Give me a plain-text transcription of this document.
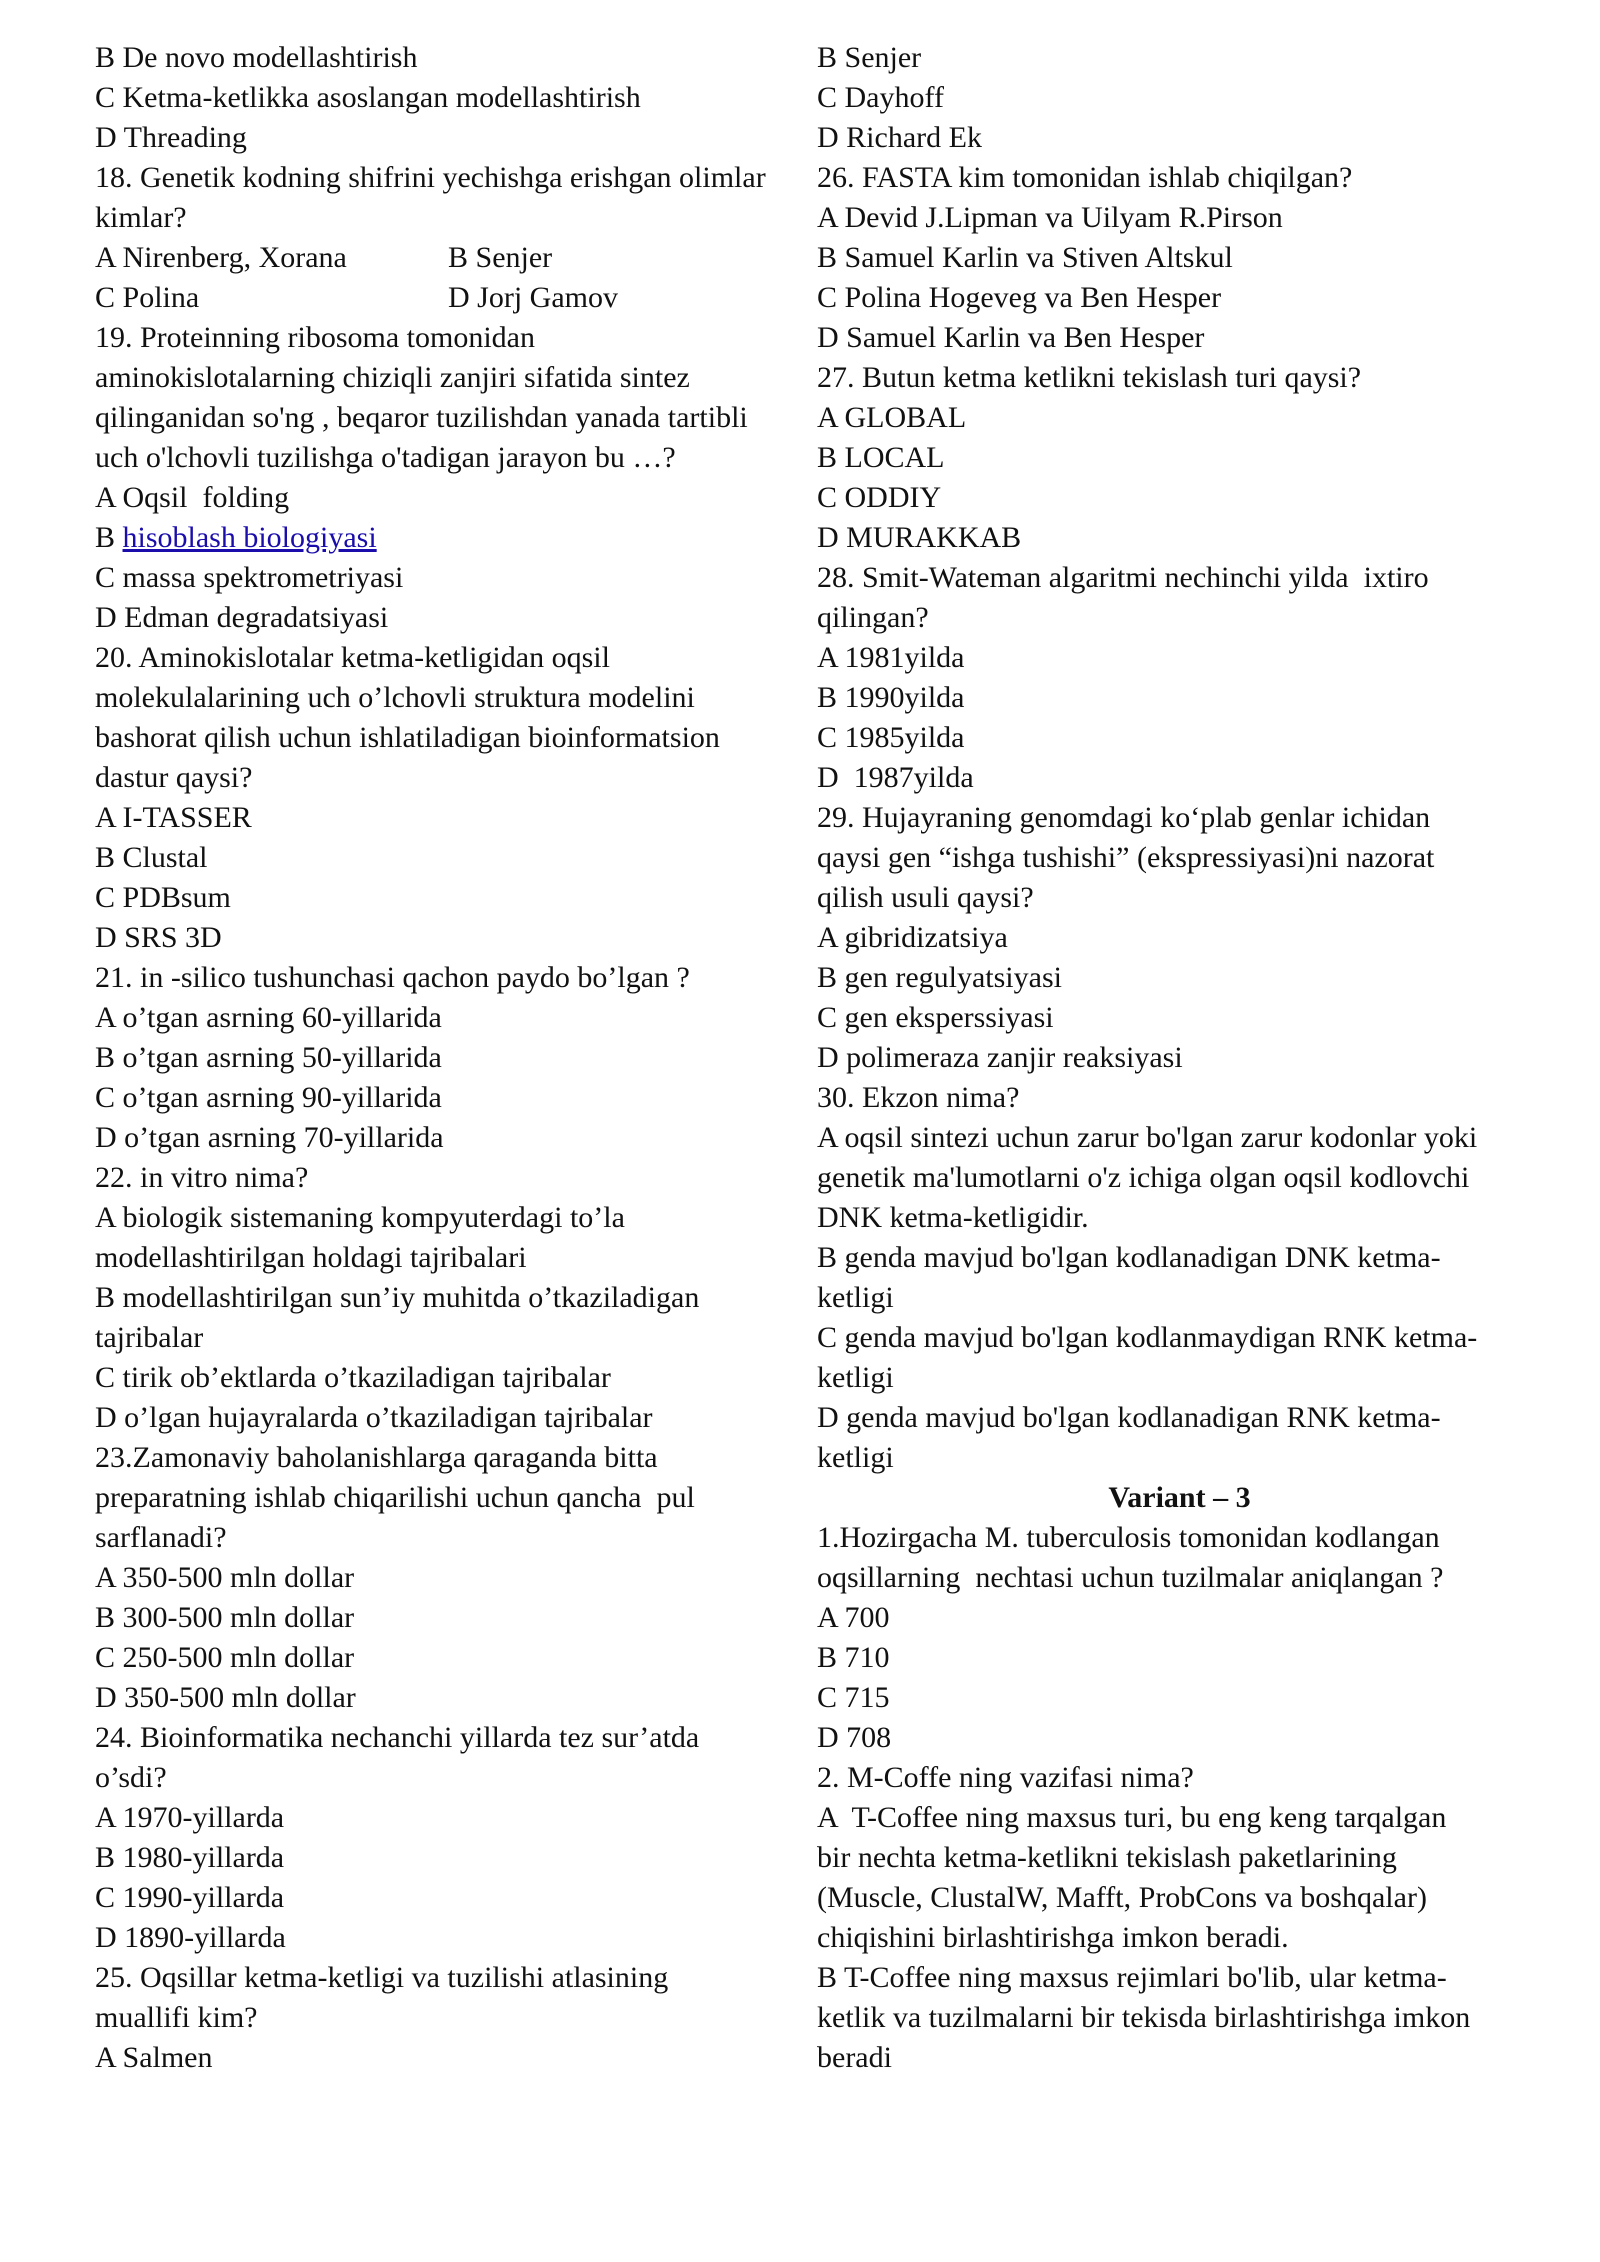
B De novo modellashtirish
C Ketma-ketlikka asoslangan modellashtirish
D Threading
18. Genetik kodning shifrini yechishga erishgan olimlar
kimlar?
A Nirenberg, Xorana	B Senjer
C Polina	D Jorj Gamov
19. Proteinning ribosoma tomonidan
aminokislotalarning chiziqli zanjiri sifatida sintez
qilinganidan so'ng , beqaror tuzilishdan yanada tartibli
uch o'lchovli tuzilishga o'tadigan jarayon bu …?
A Oqsil  folding
B hisoblash biologiyasi
C massa spektrometriyasi
D Edman degradatsiyasi
20. Aminokislotalar ketma-ketligidan oqsil
molekulalarining uch o’lchovli struktura modelini
bashorat qilish uchun ishlatiladigan bioinformatsion
dastur qaysi?
A I-TASSER
B Clustal
C PDBsum
D SRS 3D
21. in -silico tushunchasi qachon paydo bo’lgan ?
A o’tgan asrning 60-yillarida
B o’tgan asrning 50-yillarida
C o’tgan asrning 90-yillarida
D o’tgan asrning 70-yillarida
22. in vitro nima?
A biologik sistemaning kompyuterdagi to’la
modellashtirilgan holdagi tajribalari
B modellashtirilgan sun’iy muhitda o’tkaziladigan
tajribalar
C tirik ob’ektlarda o’tkaziladigan tajribalar
D o’lgan hujayralarda o’tkaziladigan tajribalar
23.Zamonaviy baholanishlarga qaraganda bitta
preparatning ishlab chiqarilishi uchun qancha  pul
sarflanadi?
A 350-500 mln dollar
B 300-500 mln dollar
C 250-500 mln dollar
D 350-500 mln dollar
24. Bioinformatika nechanchi yillarda tez sur’atda
o’sdi?
A 1970-yillarda
B 1980-yillarda
C 1990-yillarda
D 1890-yillarda
25. Oqsillar ketma-ketligi va tuzilishi atlasining
muallifi kim?
A Salmen
B Senjer
C Dayhoff
D Richard Ek
26. FASTA kim tomonidan ishlab chiqilgan?
A Devid J.Lipman va Uilyam R.Pirson
B Samuel Karlin va Stiven Altskul
C Polina Hogeveg va Ben Hesper
D Samuel Karlin va Ben Hesper
27. Butun ketma ketlikni tekislash turi qaysi?
A GLOBAL
B LOCAL
C ODDIY
D MURAKKAB
28. Smit-Wateman algaritmi nechinchi yilda  ixtiro
qilingan?
A 1981yilda
B 1990yilda
C 1985yilda
D  1987yilda
29. Hujayraning genomdagi ko‘plab genlar ichidan
qaysi gen “ishga tushishi” (ekspressiyasi)ni nazorat
qilish usuli qaysi?
A gibridizatsiya
B gen regulyatsiyasi
C gen eksperssiyasi
D polimeraza zanjir reaksiyasi
30. Ekzon nima?
A oqsil sintezi uchun zarur bo'lgan zarur kodonlar yoki
genetik ma'lumotlarni o'z ichiga olgan oqsil kodlovchi
DNK ketma-ketligidir.
B genda mavjud bo'lgan kodlanadigan DNK ketma-
ketligi
C genda mavjud bo'lgan kodlanmaydigan RNK ketma-
ketligi
D genda mavjud bo'lgan kodlanadigan RNK ketma-
ketligi
Variant – 3
1.Hozirgacha M. tuberculosis tomonidan kodlangan
oqsillarning  nechtasi uchun tuzilmalar aniqlangan ?
A 700
B 710
C 715
D 708
2. M-Coffe ning vazifasi nima?
A  T-Coffee ning maxsus turi, bu eng keng tarqalgan
bir nechta ketma-ketlikni tekislash paketlarining
(Muscle, ClustalW, Mafft, ProbCons va boshqalar)
chiqishini birlashtirishga imkon beradi.
B T-Coffee ning maxsus rejimlari bo'lib, ular ketma-
ketlik va tuzilmalarni bir tekisda birlashtirishga imkon
beradi
